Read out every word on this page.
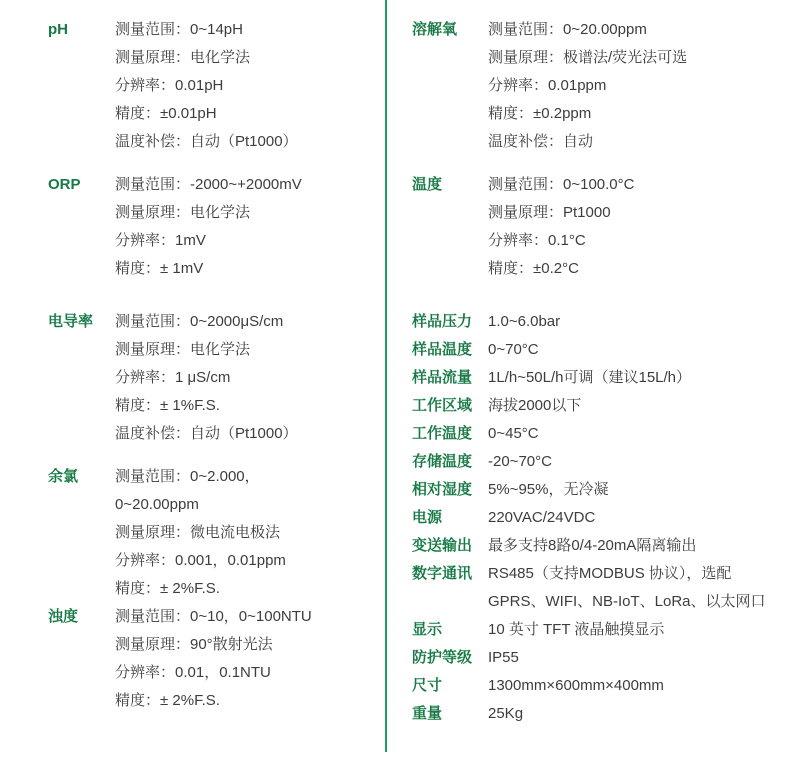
pH	测量范围：0~14pH
测量原理：电化学法
分辨率：0.01pH
精度：±0.01pH
温度补偿：自动（Pt1000）
ORP	测量范围：-2000~+2000mV
测量原理：电化学法
分辨率：1mV
精度：± 1mV
电导率	测量范围：0~2000μS/cm
测量原理：电化学法
分辨率：1 μS/cm
精度：± 1%F.S.
温度补偿：自动（Pt1000）
余氯	测量范围：0~2.000，
0~20.00ppm
测量原理：微电流电极法
分辨率：0.001，0.01ppm
精度：± 2%F.S.
浊度	测量范围：0~10，0~100NTU
测量原理：90°散射光法
分辨率：0.01，0.1NTU
精度：± 2%F.S.
溶解氧	测量范围：0~20.00ppm
测量原理：极谱法/荧光法可选
分辨率：0.01ppm
精度：±0.2ppm
温度补偿：自动
温度	测量范围：0~100.0°C
测量原理：Pt1000
分辨率：0.1°C
精度：±0.2°C
样品压力	1.0~6.0bar
样品温度	0~70°C
样品流量	1L/h~50L/h可调（建议15L/h）
工作区域	海拔2000以下
工作温度	0~45°C
存储温度	-20~70°C
相对湿度	5%~95%，无冷凝
电源	220VAC/24VDC
变送输出	最多支持8路0/4-20mA隔离输出
数字通讯	RS485（支持MODBUS 协议），选配
GPRS、WIFI、NB-IoT、LoRa、以太网口
显示	10 英寸 TFT 液晶触摸显示
防护等级	IP55
尺寸	1300mm×600mm×400mm
重量	25Kg
